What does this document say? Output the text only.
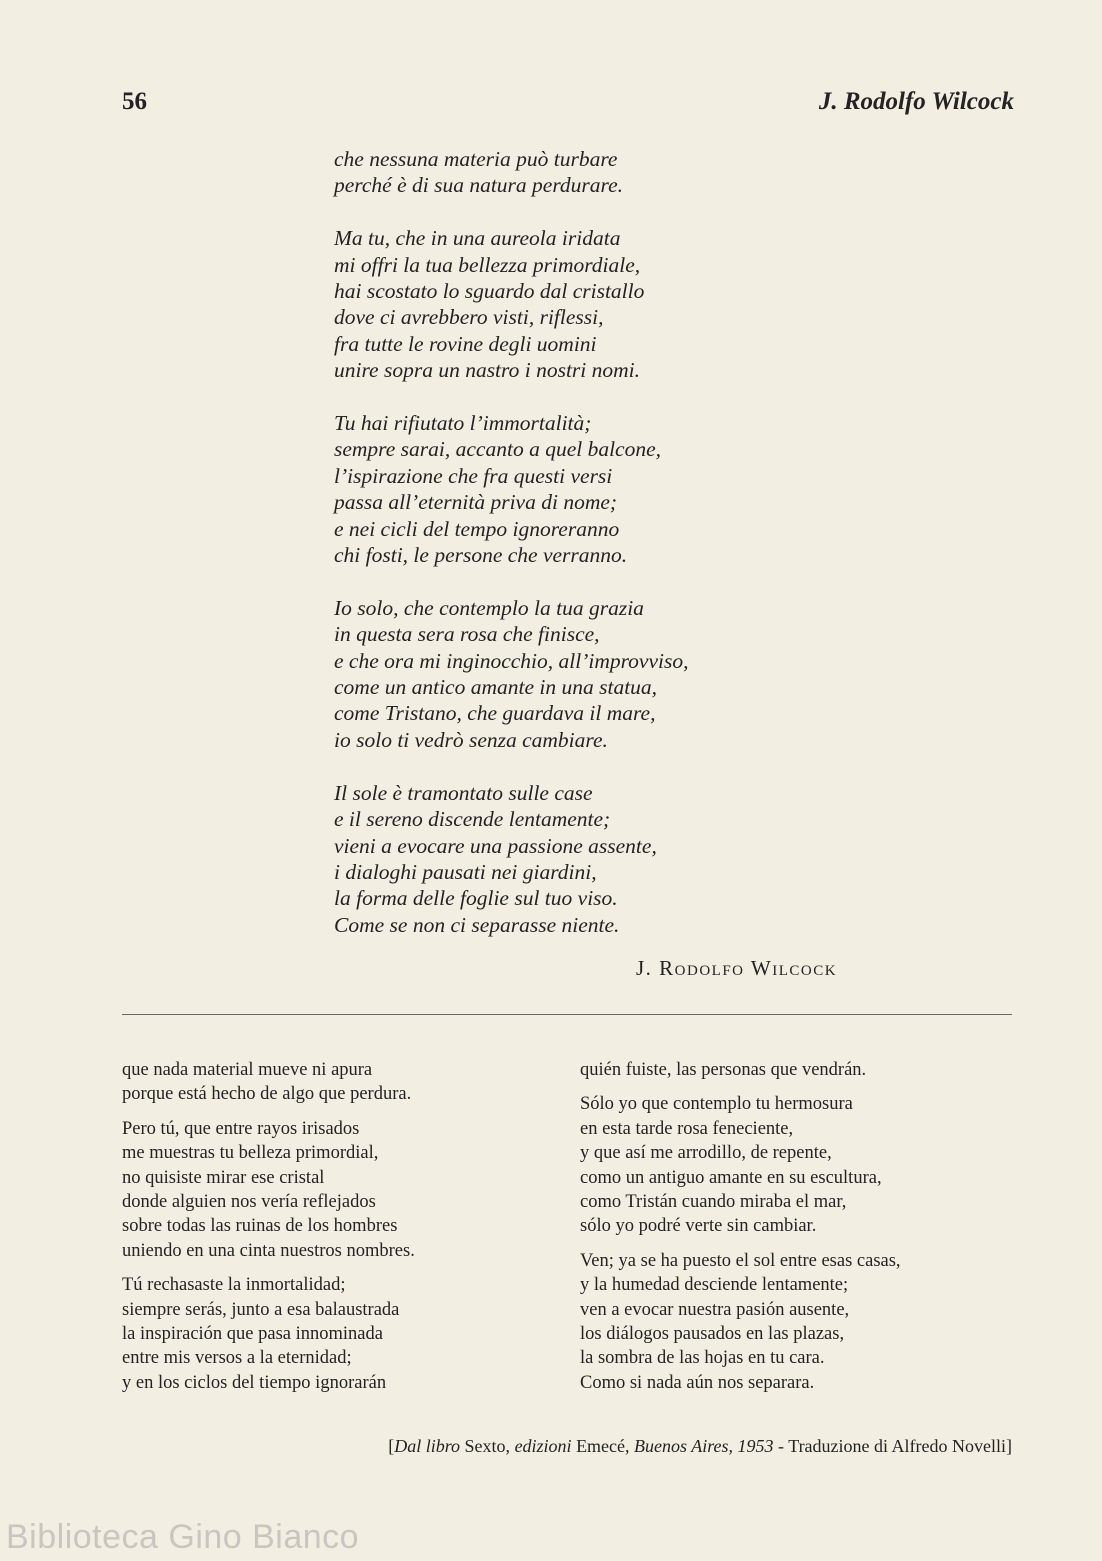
56	J. Rodolfo Wilcock
che nessuna materia può turbare
perché è di sua natura perdurare.
Ma tu, che in una aureola iridata
mi offri la tua bellezza primordiale,
hai scostato lo sguardo dal cristallo
dove ci avrebbero visti, riflessi,
fra tutte le rovine degli uomini
unire sopra un nastro i nostri nomi.
Tu hai rifiutato l’immortalità;
sempre sarai, accanto a quel balcone,
l’ispirazione che fra questi versi
passa all’eternità priva di nome;
e nei cicli del tempo ignoreranno
chi fosti, le persone che verranno.
Io solo, che contemplo la tua grazia
in questa sera rosa che finisce,
e che ora mi inginocchio, all’improvviso,
come un antico amante in una statua,
come Tristano, che guardava il mare,
io solo ti vedrò senza cambiare.
Il sole è tramontato sulle case
e il sereno discende lentamente;
vieni a evocare una passione assente,
i dialoghi pausati nei giardini,
la forma delle foglie sul tuo viso.
Come se non ci separasse niente.
J. Rodolfo Wilcock
que nada material mueve ni apura
porque está hecho de algo que perdura.
Pero tú, que entre rayos irisados
me muestras tu belleza primordial,
no quisiste mirar ese cristal
donde alguien nos vería reflejados
sobre todas las ruinas de los hombres
uniendo en una cinta nuestros nombres.
Tú rechasaste la inmortalidad;
siempre serás, junto a esa balaustrada
la inspiración que pasa innominada
entre mis versos a la eternidad;
y en los ciclos del tiempo ignorarán
quién fuiste, las personas que vendrán.
Sólo yo que contemplo tu hermosura
en esta tarde rosa feneciente,
y que así me arrodillo, de repente,
como un antiguo amante en su escultura,
como Tristán cuando miraba el mar,
sólo yo podré verte sin cambiar.
Ven; ya se ha puesto el sol entre esas casas,
y la humedad desciende lentamente;
ven a evocar nuestra pasión ausente,
los diálogos pausados en las plazas,
la sombra de las hojas en tu cara.
Como si nada aún nos separara.
[Dal libro Sexto, edizioni Emecé, Buenos Aires, 1953 - Traduzione di Alfredo Novelli]
Biblioteca Gino Bianco
